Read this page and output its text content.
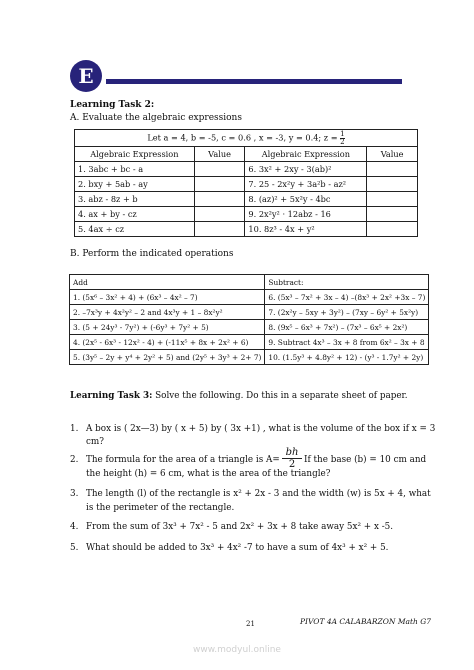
E
Learning Task 2:
A. Evaluate the algebraic expressions
Let a = 4, b = -5, c = 0.6 , x = -3, y = 0.4; $z = \frac{1}{2}$

Algebraic Expression	Value	Algebraic Expression	Value
1. 3abc + bc - a		6. 3x² + 2xy - 3(ab)²	
2. bxy + 5ab - ay		7. 25 - 2x²y + 3a²b - az²	
3. abz - 8z + b		8. (az)² + 5x²y - 4bc	
4. ax + by - cz		9. 2x²y² · 12abz - 16	
5. 4ax ÷ cz		10. 8z³ - 4x + y²	
B. Perform the indicated operations
Add	Subtract:
1. (5x⁶ – 3x² + 4) + (6x³ – 4x² – 7)	6. (5x³ – 7x² + 3x – 4) –(8x³ + 2x² +3x – 7)
2. –7x³y + 4x²y² – 2 and 4x³y + 1 – 8x²y²	7. (2x²y – 5xy + 3y²) – (7xy – 6y² + 5x²y)
3. (5 + 24y³ - 7y²) + (-6y³ + 7y² + 5)	8. (9x⁵ – 6x³ + 7x²) – (7x³ – 6x⁵ + 2x²)
4. (2x⁵ - 6x³ - 12x² - 4) + (-11x⁵ + 8x + 2x² + 6)	9. Subtract 4x³ – 3x + 8 from 6x² – 3x + 8
5. (3y⁵ – 2y + y⁴ + 2y² + 5) and (2y⁵ + 3y³ + 2+ 7)	10. (1.5y³ + 4.8y² + 12) - (y³ - 1.7y² + 2y)
Learning Task 3: Solve the following. Do this in a separate sheet of paper.
1. A box is ( 2x—3) by ( x + 5) by ( 3x +1) , what is the volume of the box if x = 3
cm?
2. The formula for the area of a triangle is $A= \frac{bh}{2}$ If the base (b) = 10 cm and
the height (h) = 6 cm, what is the area of the triangle?
3. The length (l) of the rectangle is x² + 2x - 3 and the width (w) is 5x + 4, what
is the perimeter of the rectangle.
4. From the sum of 3x³ + 7x² - 5 and 2x² + 3x + 8 take away 5x² + x -5.
5. What should be added to 3x³ + 4x² -7 to have a sum of 4x³ + x² + 5.
21	PIVOT 4A CALABARZON Math G7
www.modyul.online
